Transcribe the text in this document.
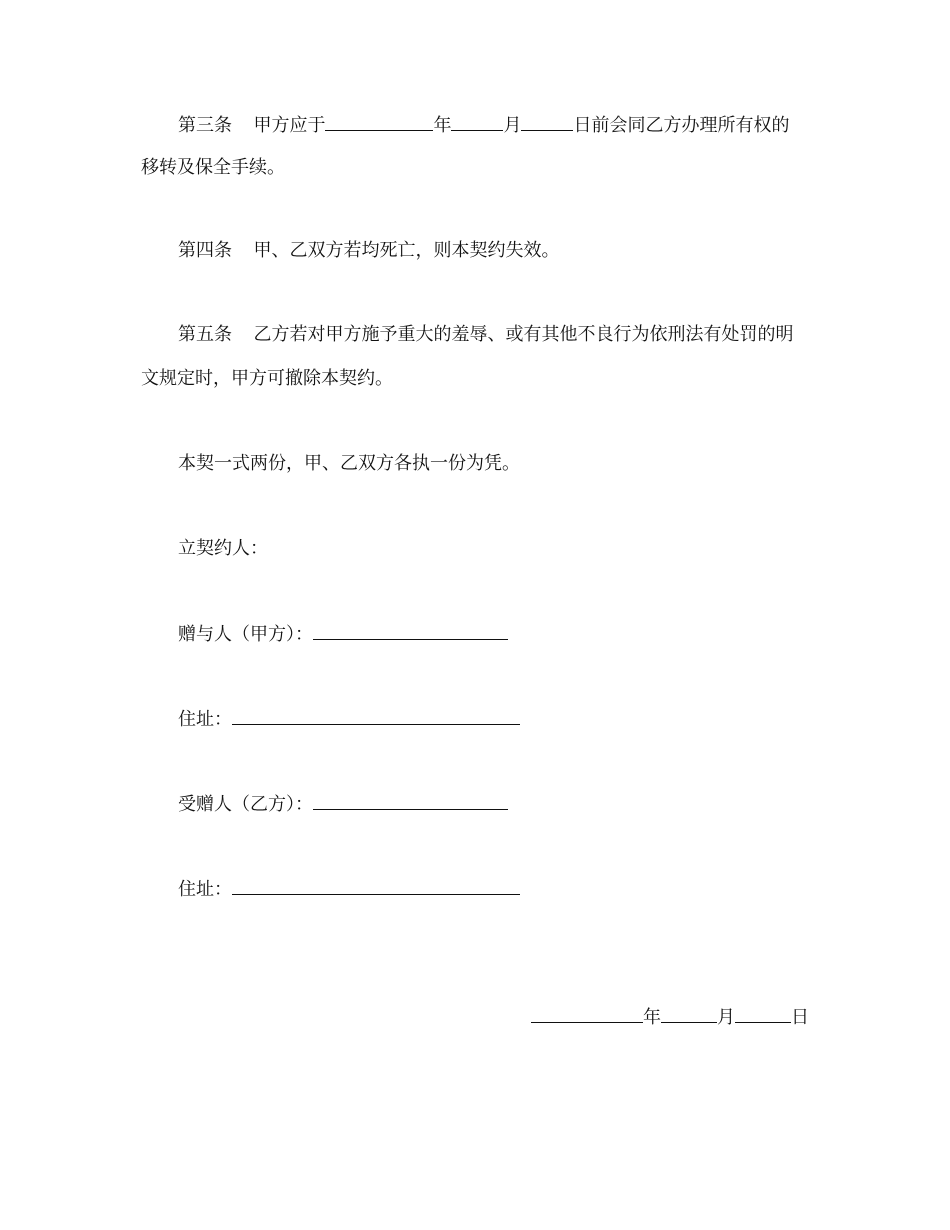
第三条 甲方应于	年	月	日前会同乙方办理所有权的
移转及保全手续。
第四条 甲、乙双方若均死亡，则本契约失效。
第五条 乙方若对甲方施予重大的羞辱、或有其他不良行为依刑法有处罚的明
文规定时，甲方可撤除本契约。
本契一式两份，甲、乙双方各执一份为凭。
立契约人：
赠与人（甲方）：
住址：
受赠人（乙方）：
住址：
年	月	日
